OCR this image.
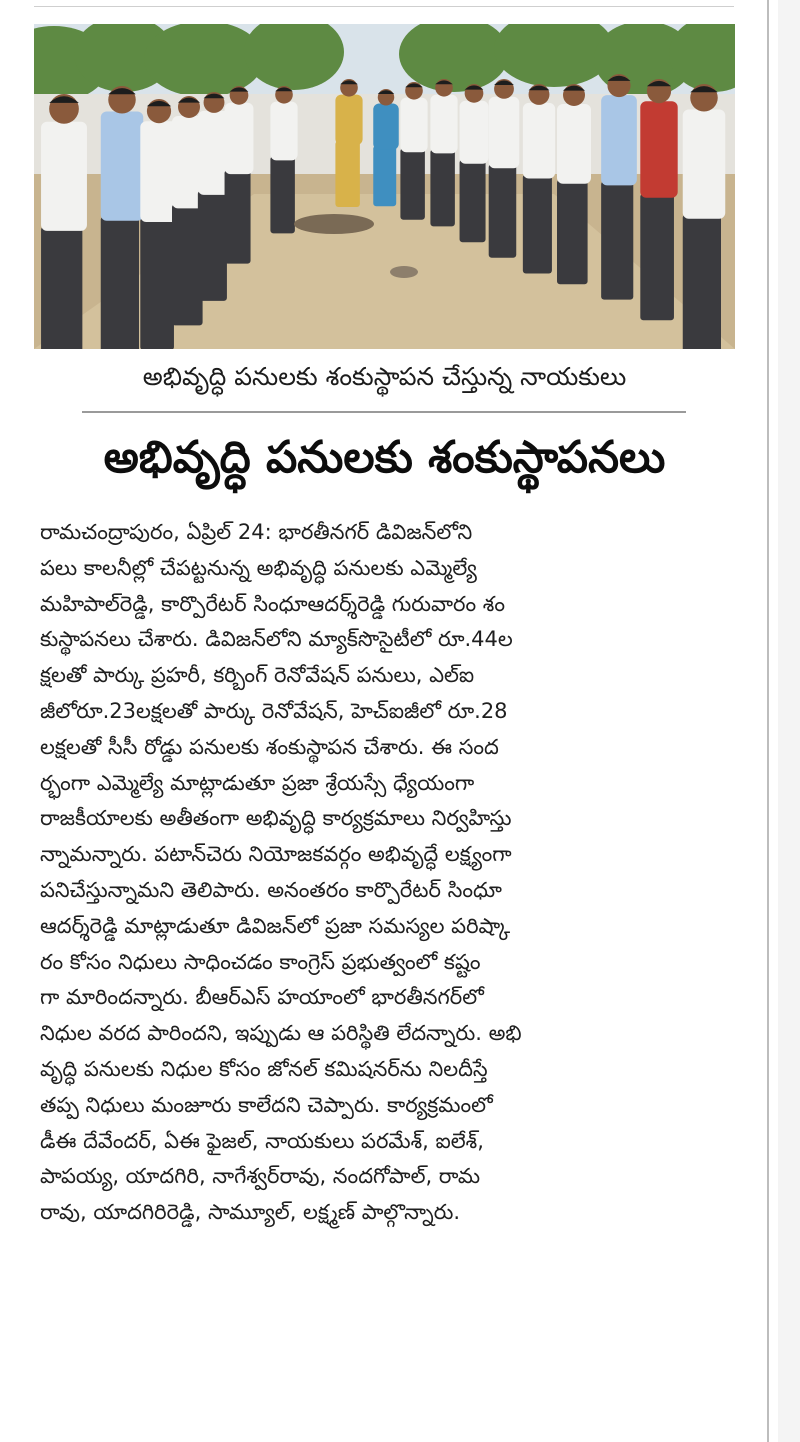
అభివృద్ధి పనులకు శంకుస్థాపన చేస్తున్న నాయకులు
అభివృద్ధి పనులకు శంకుస్థాపనలు
రామచంద్రాపురం, ఏప్రిల్ 24: భారతీనగర్ డివిజన్‌లోని
పలు కాలనీల్లో చేపట్టనున్న అభివృద్ధి పనులకు ఎమ్మెల్యే
మహిపాల్‌రెడ్డి, కార్పొరేటర్ సింధూఆదర్శ్‌రెడ్డి గురువారం శం
కుస్థాపనలు చేశారు. డివిజన్‌లోని మ్యాక్‌సొసైటీలో రూ.44ల
క్షలతో పార్కు ప్రహరీ, కర్బింగ్ రెనోవేషన్ పనులు, ఎల్ఐ
జీలోరూ.23లక్షలతో పార్కు రెనోవేషన్, హెచ్ఐజీలో రూ.28
లక్షలతో సీసీ రోడ్డు పనులకు శంకుస్థాపన చేశారు. ఈ సంద
ర్భంగా ఎమ్మెల్యే మాట్లాడుతూ ప్రజా శ్రేయస్సే ధ్యేయంగా
రాజకీయాలకు అతీతంగా అభివృద్ధి కార్యక్రమాలు నిర్వహిస్తు
న్నామన్నారు. పటాన్‌చెరు నియోజకవర్గం అభివృద్ధే లక్ష్యంగా
పనిచేస్తున్నామని తెలిపారు. అనంతరం కార్పొరేటర్ సింధూ
ఆదర్శ్‌రెడ్డి మాట్లాడుతూ డివిజన్‌లో ప్రజా సమస్యల పరిష్కా
రం కోసం నిధులు సాధించడం కాంగ్రెస్ ప్రభుత్వంలో కష్టం
గా మారిందన్నారు. బీఆర్ఎస్ హయాంలో భారతీనగర్‌లో
నిధుల వరద పారిందని, ఇప్పుడు ఆ పరిస్థితి లేదన్నారు. అభి
వృద్ధి పనులకు నిధుల కోసం జోనల్ కమిషనర్‌ను నిలదీస్తే
తప్ప నిధులు మంజూరు కాలేదని చెప్పారు. కార్యక్రమంలో
డీఈ దేవేందర్, ఏఈ ఫైజల్, నాయకులు పరమేశ్, ఐలేశ్,
పాపయ్య, యాదగిరి, నాగేశ్వర్‌రావు, నందగోపాల్, రామ
రావు, యాదగిరిరెడ్డి, సామ్యూల్, లక్ష్మణ్ పాల్గొన్నారు.
